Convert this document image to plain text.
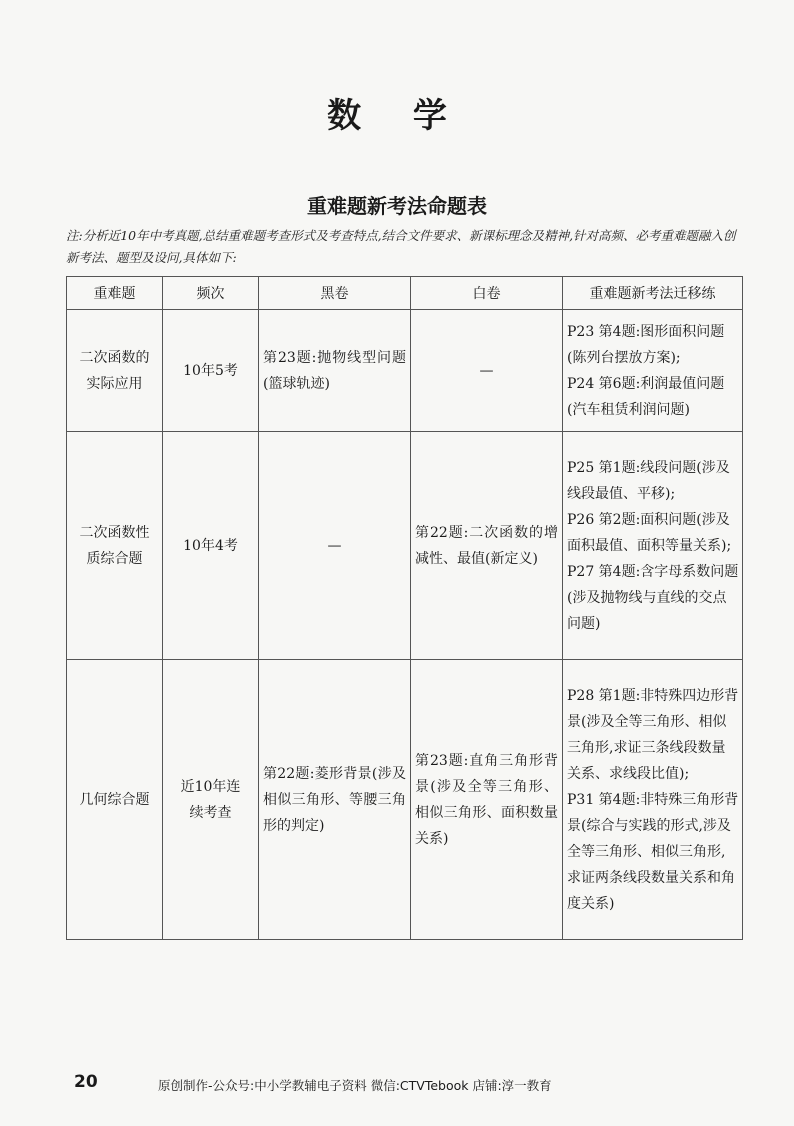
数 学
重难题新考法命题表
注:分析近10年中考真题,总结重难题考查形式及考查特点,结合文件要求、新课标理念及精神,针对高频、必考重难题融入创新考法、题型及设问,具体如下:
重难题	频次	黑卷	白卷	重难题新考法迁移练
二次函数的实际应用	10年5考	第23题:抛物线型问题(篮球轨迹)	—	P23 第4题:图形面积问题(陈列台摆放方案);
P24 第6题:利润最值问题(汽车租赁利润问题)

二次函数性质综合题	10年4考	—	第22题:二次函数的增减性、最值(新定义)	P25 第1题:线段问题(涉及线段最值、平移);
P26 第2题:面积问题(涉及面积最值、面积等量关系);
P27 第4题:含字母系数问题(涉及抛物线与直线的交点问题)

几何综合题	近10年连续考查	第22题:菱形背景(涉及相似三角形、等腰三角形的判定)	第23题:直角三角形背景(涉及全等三角形、相似三角形、面积数量关系)	P28 第1题:非特殊四边形背景(涉及全等三角形、相似三角形,求证三条线段数量关系、求线段比值);
P31 第4题:非特殊三角形背景(综合与实践的形式,涉及全等三角形、相似三角形,求证两条线段数量关系和角度关系)
20	原创制作-公众号:中小学教辅电子资料 微信:CTVTebook 店铺:淳一教育
